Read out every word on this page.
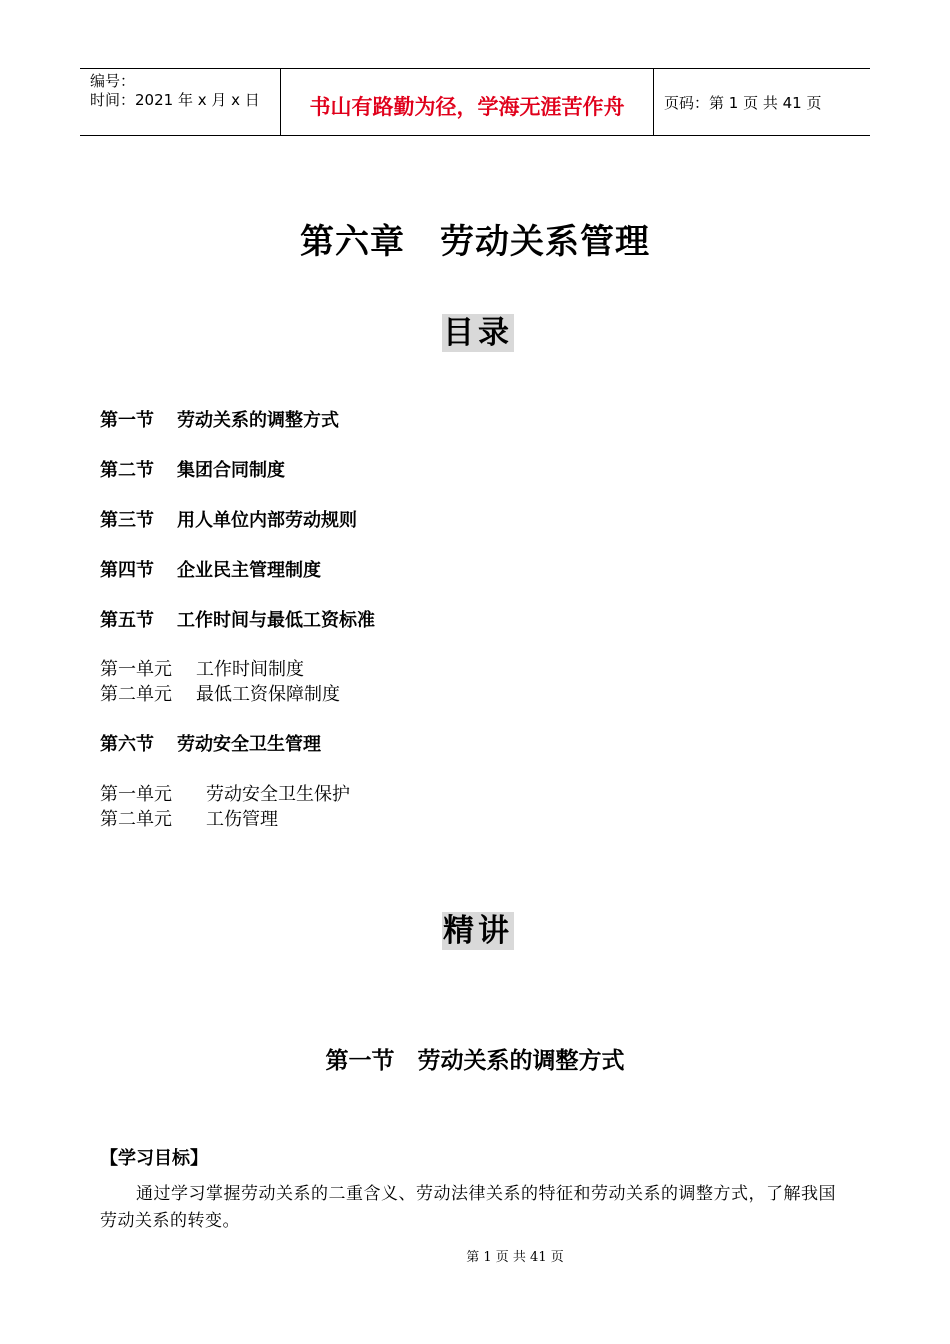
编号：
时间：2021 年 x 月 x 日	书山有路勤为径，学海无涯苦作舟	页码：第 1 页 共 41 页
第六章　劳动关系管理
目录
第一节 劳动关系的调整方式
第二节 集团合同制度
第三节 用人单位内部劳动规则
第四节 企业民主管理制度
第五节 工作时间与最低工资标准
第一单元 工作时间制度
第二单元 最低工资保障制度
第六节 劳动安全卫生管理
第一单元 劳动安全卫生保护
第二单元 工伤管理
精讲
第一节　劳动关系的调整方式
【学习目标】
通过学习掌握劳动关系的二重含义、劳动法律关系的特征和劳动关系的调整方式，了解我国劳动关系的转变。
第 1 页 共 41 页
